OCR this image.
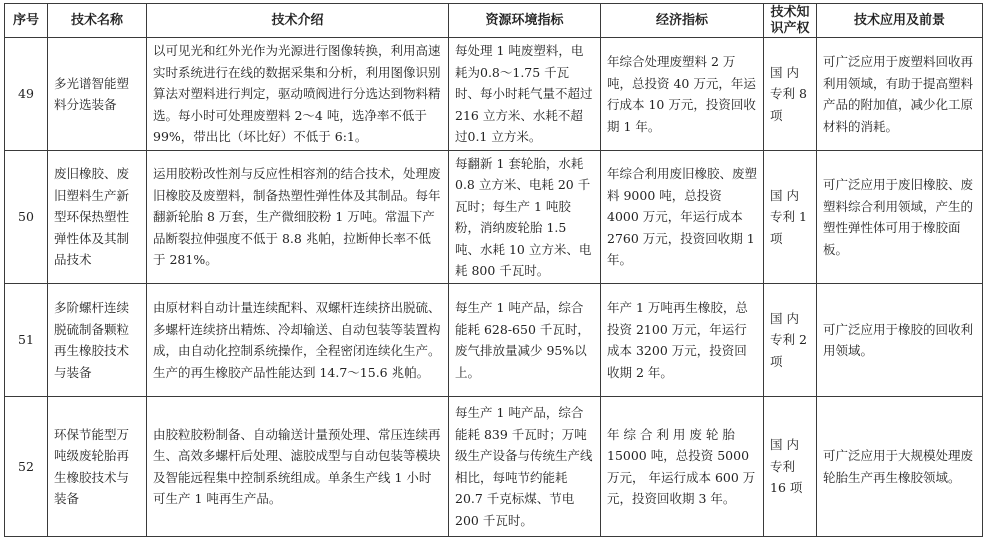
序号	技术名称	技术介绍	资源环境指标	经济指标	技术知识产权	技术应用及前景
49	多光谱智能塑料分选装备	以可见光和红外光作为光源进行图像转换，利用高速实时系统进行在线的数据采集和分析，利用图像识别算法对塑料进行判定，驱动喷阀进行分选达到物料精选。每小时可处理废塑料 2～4 吨，选净率不低于 99%，带出比（坏比好）不低于 6:1。	每处理 1 吨废塑料，电耗为0.8～1.75 千瓦时、每小时耗气量不超过216 立方米、水耗不超过0.1 立方米。	年综合处理废塑料 2 万吨，总投资 40 万元，年运行成本 10 万元，投资回收期 1 年。	国 内 专利 8 项	可广泛应用于废塑料回收再利用领域，有助于提高塑料产品的附加值，减少化工原材料的消耗。
50	废旧橡胶、废旧塑料生产新型环保热塑性弹性体及其制品技术	运用胶粉改性剂与反应性相容剂的结合技术，处理废旧橡胶及废塑料，制备热塑性弹性体及其制品。每年翻新轮胎 8 万套，生产微细胶粉 1 万吨。常温下产品断裂拉伸强度不低于 8.8 兆帕，拉断伸长率不低于 281%。	每翻新 1 套轮胎，水耗 0.8 立方米、电耗 20 千瓦时；每生产 1 吨胶粉，消纳废轮胎 1.5 吨、水耗 10 立方米、电耗 800 千瓦时。	年综合利用废旧橡胶、废塑料 9000 吨，总投资 4000 万元，年运行成本 2760 万元，投资回收期 1 年。	国 内 专利 1 项	可广泛应用于废旧橡胶、废塑料综合利用领域，产生的塑性弹性体可用于橡胶面板。
51	多阶螺杆连续脱硫制备颗粒再生橡胶技术与装备	由原材料自动计量连续配料、双螺杆连续挤出脱硫、多螺杆连续挤出精炼、冷却输送、自动包装等装置构成，由自动化控制系统操作，全程密闭连续化生产。生产的再生橡胶产品性能达到 14.7～15.6 兆帕。	每生产 1 吨产品，综合能耗 628-650 千瓦时，废气排放量减少 95%以上。	年产 1 万吨再生橡胶，总投资 2100 万元，年运行成本 3200 万元，投资回收期 2 年。	国 内 专利 2 项	可广泛应用于橡胶的回收利用领域。
52	环保节能型万吨级废轮胎再生橡胶技术与装备	由胶粒胶粉制备、自动输送计量预处理、常压连续再生、高效多螺杆后处理、滤胶成型与自动包装等模块及智能远程集中控制系统组成。单条生产线 1 小时可生产 1 吨再生产品。	每生产 1 吨产品，综合能耗 839 千瓦时；万吨级生产设备与传统生产线相比，每吨节约能耗 20.7 千克标煤、节电 200 千瓦时。	年 综 合 利 用 废 轮 胎 15000 吨，总投资 5000 万元， 年运行成本 600 万元，投资回收期 3 年。	国 内 专利 16 项	可广泛应用于大规模处理废轮胎生产再生橡胶领域。
